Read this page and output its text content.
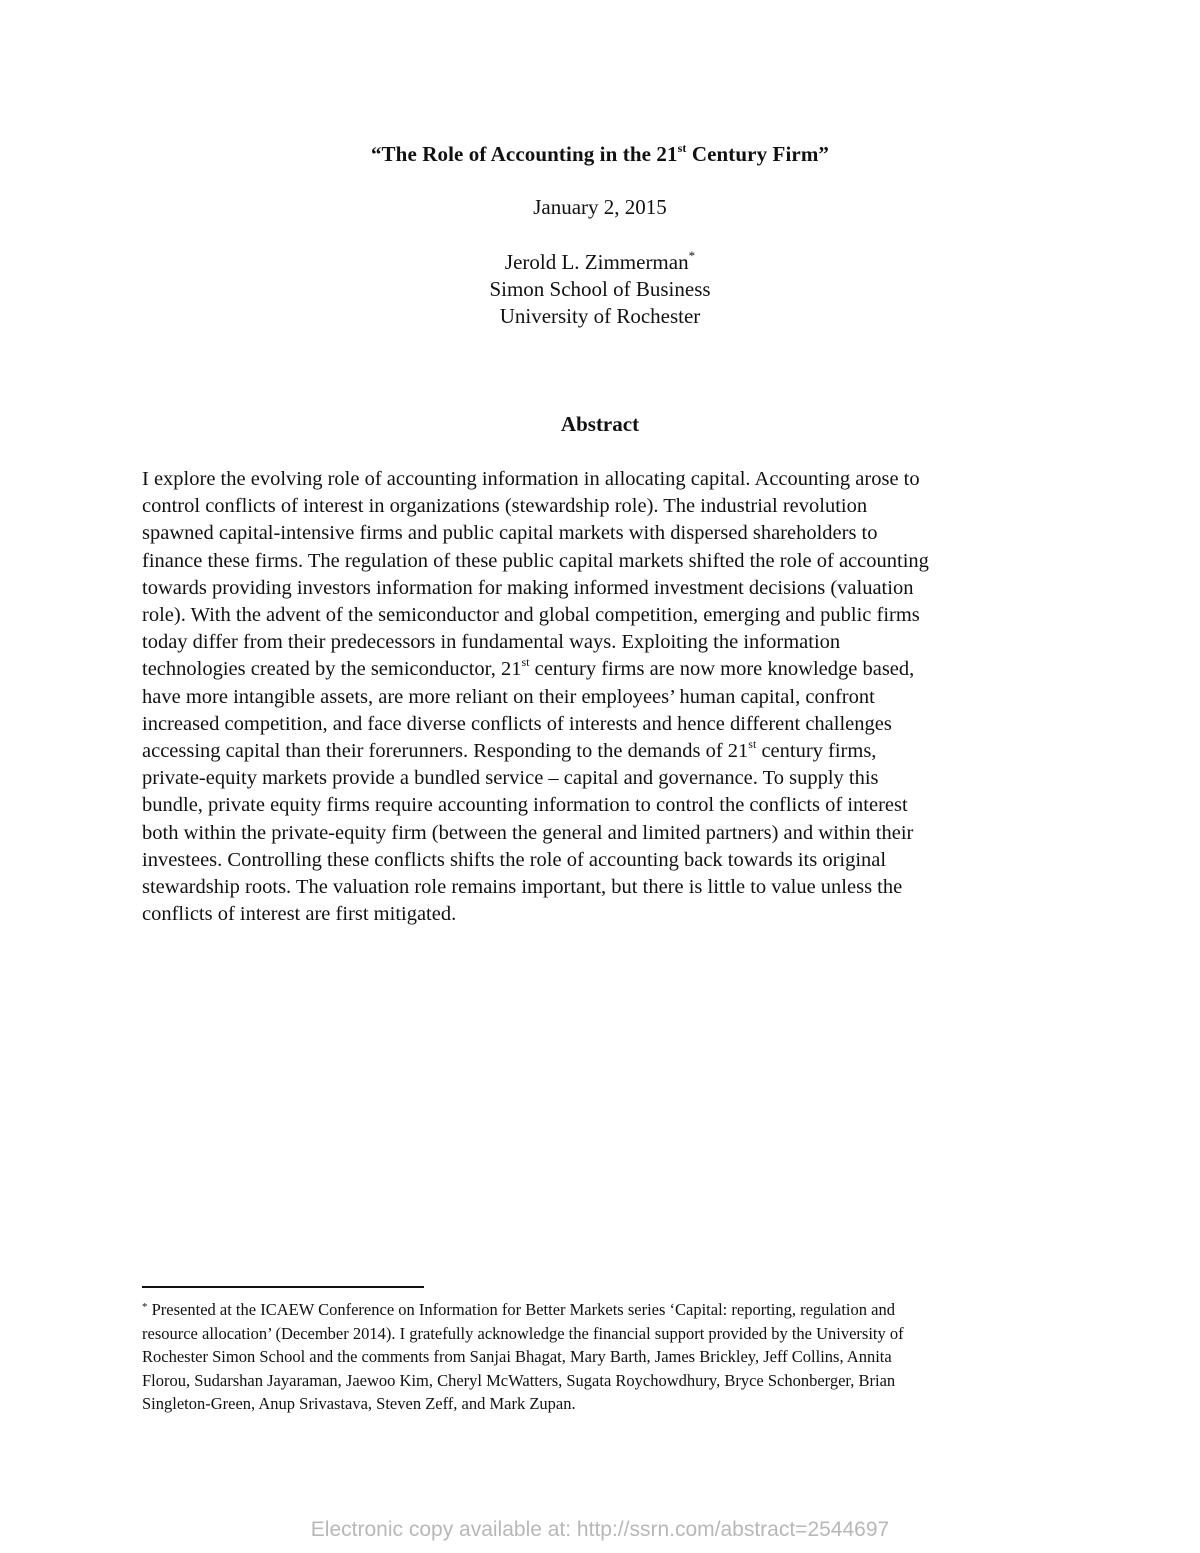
“The Role of Accounting in the 21st Century Firm”
January 2, 2015
Jerold L. Zimmerman*
Simon School of Business
University of Rochester
Abstract

I explore the evolving role of accounting information in allocating capital. Accounting arose to

control conflicts of interest in organizations (stewardship role). The industrial revolution

spawned capital-intensive firms and public capital markets with dispersed shareholders to

finance these firms. The regulation of these public capital markets shifted the role of accounting

towards providing investors information for making informed investment decisions (valuation

role). With the advent of the semiconductor and global competition, emerging and public firms

today differ from their predecessors in fundamental ways. Exploiting the information

technologies created by the semiconductor, 21st century firms are now more knowledge based,

have more intangible assets, are more reliant on their employees’ human capital, confront

increased competition, and face diverse conflicts of interests and hence different challenges

accessing capital than their forerunners. Responding to the demands of 21st century firms,

private-equity markets provide a bundled service – capital and governance. To supply this

bundle, private equity firms require accounting information to control the conflicts of interest

both within the private-equity firm (between the general and limited partners) and within their

investees. Controlling these conflicts shifts the role of accounting back towards its original

stewardship roots. The valuation role remains important, but there is little to value unless the

conflicts of interest are first mitigated.

* Presented at the ICAEW Conference on Information for Better Markets series ‘Capital: reporting, regulation and

resource allocation’ (December 2014). I gratefully acknowledge the financial support provided by the University of

Rochester Simon School and the comments from Sanjai Bhagat, Mary Barth, James Brickley, Jeff Collins, Annita

Florou, Sudarshan Jayaraman, Jaewoo Kim, Cheryl McWatters, Sugata Roychowdhury, Bryce Schonberger, Brian

Singleton-Green, Anup Srivastava, Steven Zeff, and Mark Zupan.

Electronic copy available at: http://ssrn.com/abstract=2544697
